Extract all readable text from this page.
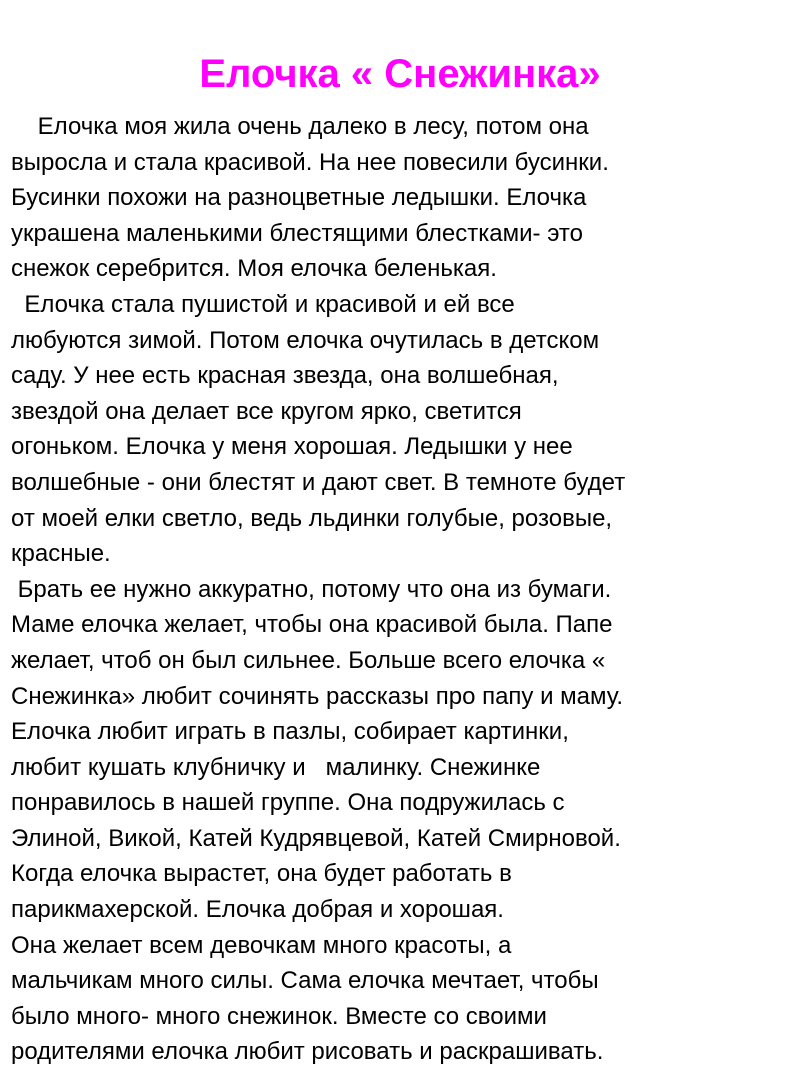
Елочка « Снежинка»
Елочка моя жила очень далеко в лесу, потом она
выросла и стала красивой. На нее повесили бусинки.
Бусинки похожи на разноцветные ледышки. Елочка
украшена маленькими блестящими блестками- это
снежок серебрится. Моя елочка беленькая.
Елочка стала пушистой и красивой и ей все
любуются зимой. Потом елочка очутилась в детском
саду. У нее есть красная звезда, она волшебная,
звездой она делает все кругом ярко, светится
огоньком. Елочка у меня хорошая. Ледышки у нее
волшебные - они блестят и дают свет. В темноте будет
от моей елки светло, ведь льдинки голубые, розовые,
красные.
Брать ее нужно аккуратно, потому что она из бумаги.
Маме елочка желает, чтобы она красивой была. Папе
желает, чтоб он был сильнее. Больше всего елочка «
Снежинка» любит сочинять рассказы про папу и маму.
Елочка любит играть в пазлы, собирает картинки,
любит кушать клубничку и   малинку. Снежинке
понравилось в нашей группе. Она подружилась с
Элиной, Викой, Катей Кудрявцевой, Катей Смирновой.
Когда елочка вырастет, она будет работать в
парикмахерской. Елочка добрая и хорошая.
Она желает всем девочкам много красоты, а
мальчикам много силы. Сама елочка мечтает, чтобы
было много- много снежинок. Вместе со своими
родителями елочка любит рисовать и раскрашивать.
